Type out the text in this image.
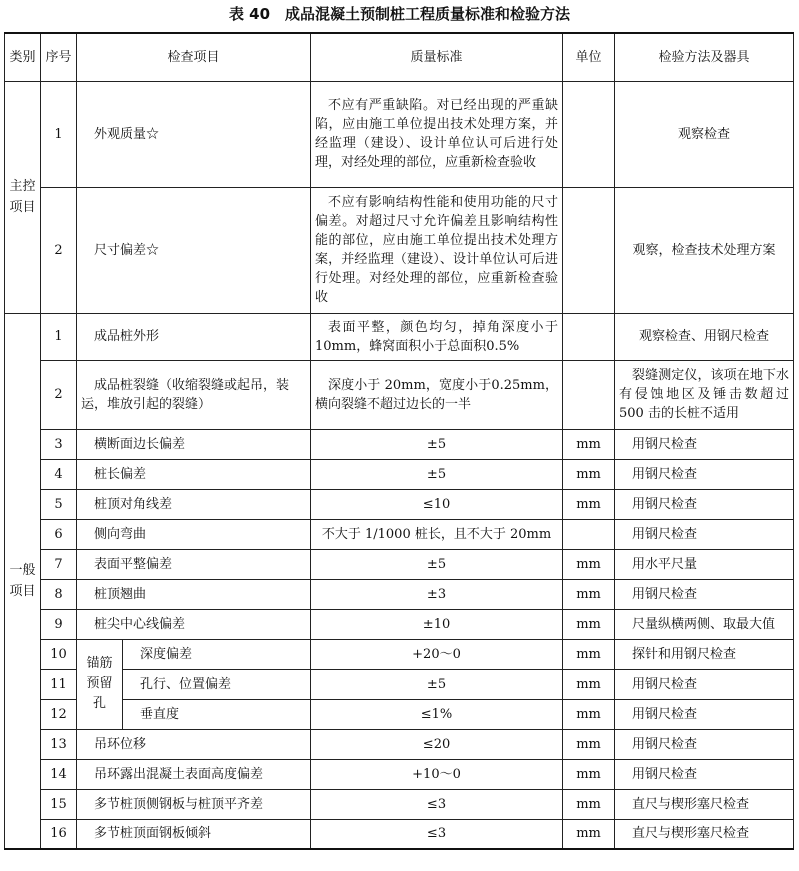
表 40　成品混凝土预制桩工程质量标准和检验方法
类别	序号	检查项目		质量标准	单位	检验方法及器具
主控项目	1	外观质量☆		不应有严重缺陷。对已经出现的严重缺陷，应由施工单位提出技术处理方案，并经监理（建设）、设计单位认可后进行处理，对经处理的部位，应重新检查验收		观察检查
	2	尺寸偏差☆		不应有影响结构性能和使用功能的尺寸偏差。对超过尺寸允许偏差且影响结构性能的部位，应由施工单位提出技术处理方案，并经监理（建设）、设计单位认可后进行处理。对经处理的部位，应重新检查验收		观察，检查技术处理方案
一般项目	1	成品桩外形		表面平整，颜色均匀，掉角深度小于10mm，蜂窝面积小于总面积0.5%		观察检查、用钢尺检查
	2	成品桩裂缝（收缩裂缝或起吊，装运，堆放引起的裂缝）		深度小于 20mm，宽度小于0.25mm，横向裂缝不超过边长的一半		裂缝测定仪，该项在地下水有侵蚀地区及锤击数超过 500 击的长桩不适用
	3	横断面边长偏差		±5	mm	用钢尺检查
	4	桩长偏差		±5	mm	用钢尺检查
	5	桩顶对角线差		≤10	mm	用钢尺检查
	6	侧向弯曲		不大于 1/1000 桩长，且不大于 20mm		用钢尺检查
	7	表面平整偏差		±5	mm	用水平尺量
	8	桩顶翘曲		±3	mm	用钢尺检查
	9	桩尖中心线偏差		±10	mm	尺量纵横两侧、取最大值
	10	锚筋预留孔	深度偏差	+20～0	mm	探针和用钢尺检查
	11		孔行、位置偏差	±5	mm	用钢尺检查
	12		垂直度	≤1%	mm	用钢尺检查
	13	吊环位移		≤20	mm	用钢尺检查
	14	吊环露出混凝土表面高度偏差		+10～0	mm	用钢尺检查
	15	多节桩顶侧钢板与桩顶平齐差		≤3	mm	直尺与楔形塞尺检查
	16	多节桩顶面钢板倾斜		≤3	mm	直尺与楔形塞尺检查
